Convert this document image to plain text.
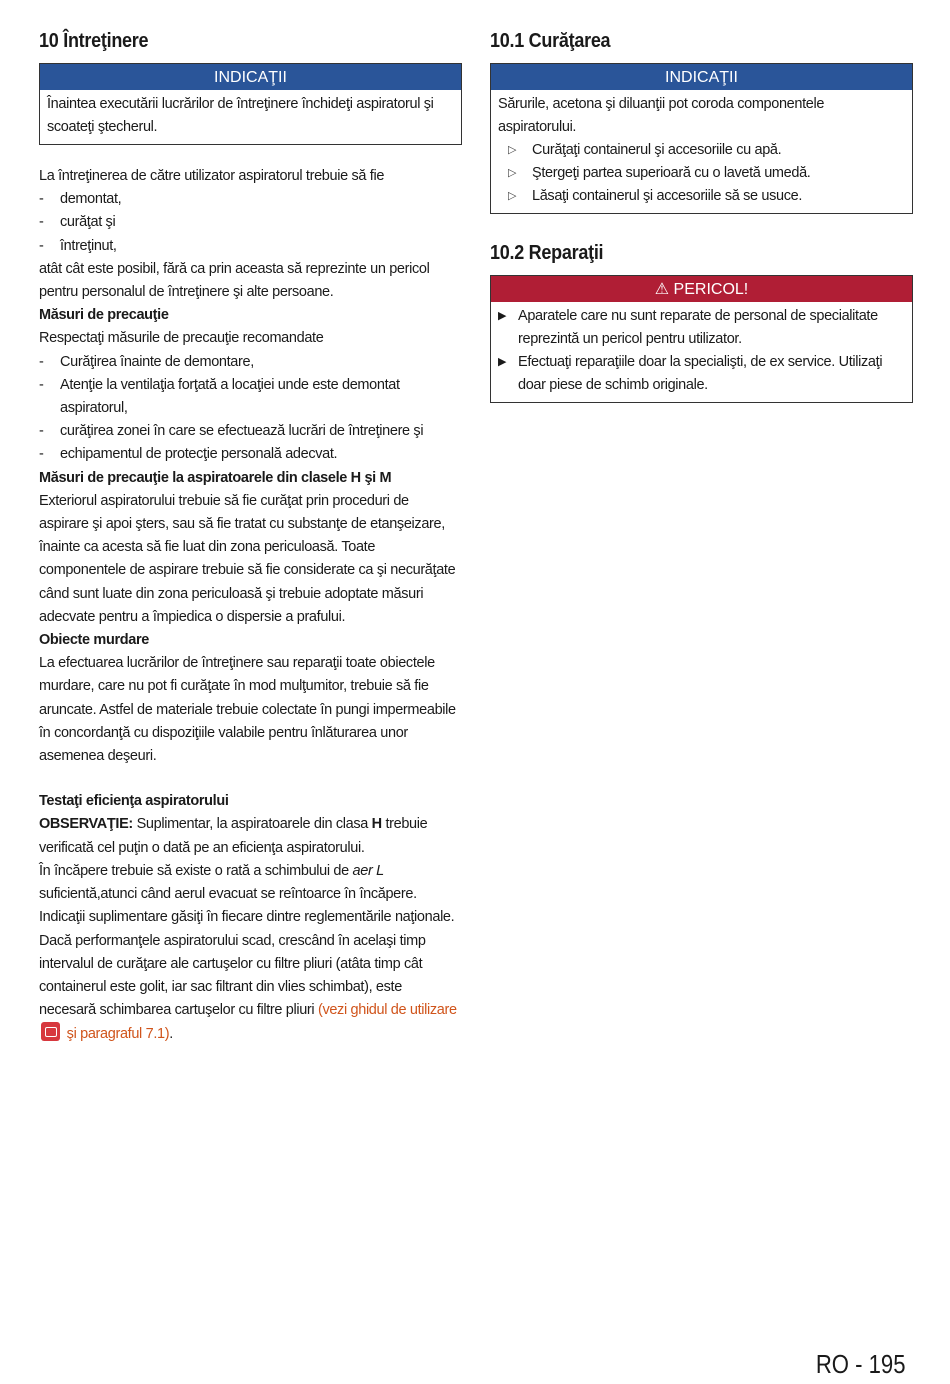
10 Întreţinere
INDICAŢII
Înaintea executării lucrărilor de întreţinere închideţi aspiratorul şi scoateţi ştecherul.

La întreţinerea de către utilizator aspiratorul trebuie să fie

-	demontat,
-	curăţat şi
-	întreţinut,

atât cât este posibil, fără ca prin aceasta să reprezinte un pericol pentru personalul de întreţinere şi alte persoane.

Măsuri de precauţie

Respectaţi măsurile de precauţie recomandate

-	Curăţirea înainte de demontare,
-	Atenţie la ventilaţia forţată a locaţiei unde este demontat aspiratorul,
-	curăţirea zonei în care se efectuează lucrări de întreţinere şi
-	echipamentul de protecţie personală adecvat.

Măsuri de precauţie la aspiratoarele din clasele H şi M

Exteriorul aspiratorului trebuie să fie curăţat prin proceduri de aspirare şi apoi şters, sau să fie tratat cu substanţe de etanşeizare, înainte ca acesta să fie luat din zona periculoasă. Toate componentele de aspirare trebuie să fie considerate ca şi necurăţate când sunt luate din zona periculoasă şi trebuie adoptate măsuri adecvate pentru a împiedica o dispersie a prafului.

Obiecte murdare

La efectuarea lucrărilor de întreţinere sau reparaţii toate obiectele murdare, care nu pot fi curăţate în mod mulţumitor, trebuie să fie aruncate. Astfel de materiale trebuie colectate în pungi impermeabile în concordanţă cu dispoziţiile valabile pentru înlăturarea unor asemenea deşeuri.

Testaţi eficienţa aspiratorului

OBSERVAŢIE: Suplimentar, la aspiratoarele din clasa H trebuie verificată cel puţin o dată pe an eficienţa aspiratorului.

În încăpere trebuie să existe o rată a schimbului de aer L suficientă,atunci când aerul evacuat se reîntoarce în încăpere.

Indicaţii suplimentare găsiţi în fiecare dintre reglementările naţionale.

Dacă performanţele aspiratorului scad, crescând în acelaşi timp intervalul de curăţare ale cartuşelor cu filtre pliuri (atâta timp cât containerul este golit, iar sac filtrant din vlies schimbat), este necesară schimbarea cartuşelor cu filtre pliuri (vezi ghidul de utilizare şi paragraful 7.1).

10.1 Curăţarea
INDICAŢII

Sărurile, acetona şi diluanţii pot coroda componentele aspiratorului.

▷	Curăţaţi containerul şi accesoriile cu apă.
▷	Ştergeţi partea superioară cu o lavetă umedă.
▷	Lăsaţi containerul şi accesoriile să se usuce.
10.2 Reparaţii
⚠ PERICOL!
▶ Aparatele care nu sunt reparate de personal de specialitate reprezintă un pericol pentru utilizator.
▶ Efectuaţi reparaţiile doar la specialişti, de ex service. Utilizaţi doar piese de schimb originale.
RO - 195
